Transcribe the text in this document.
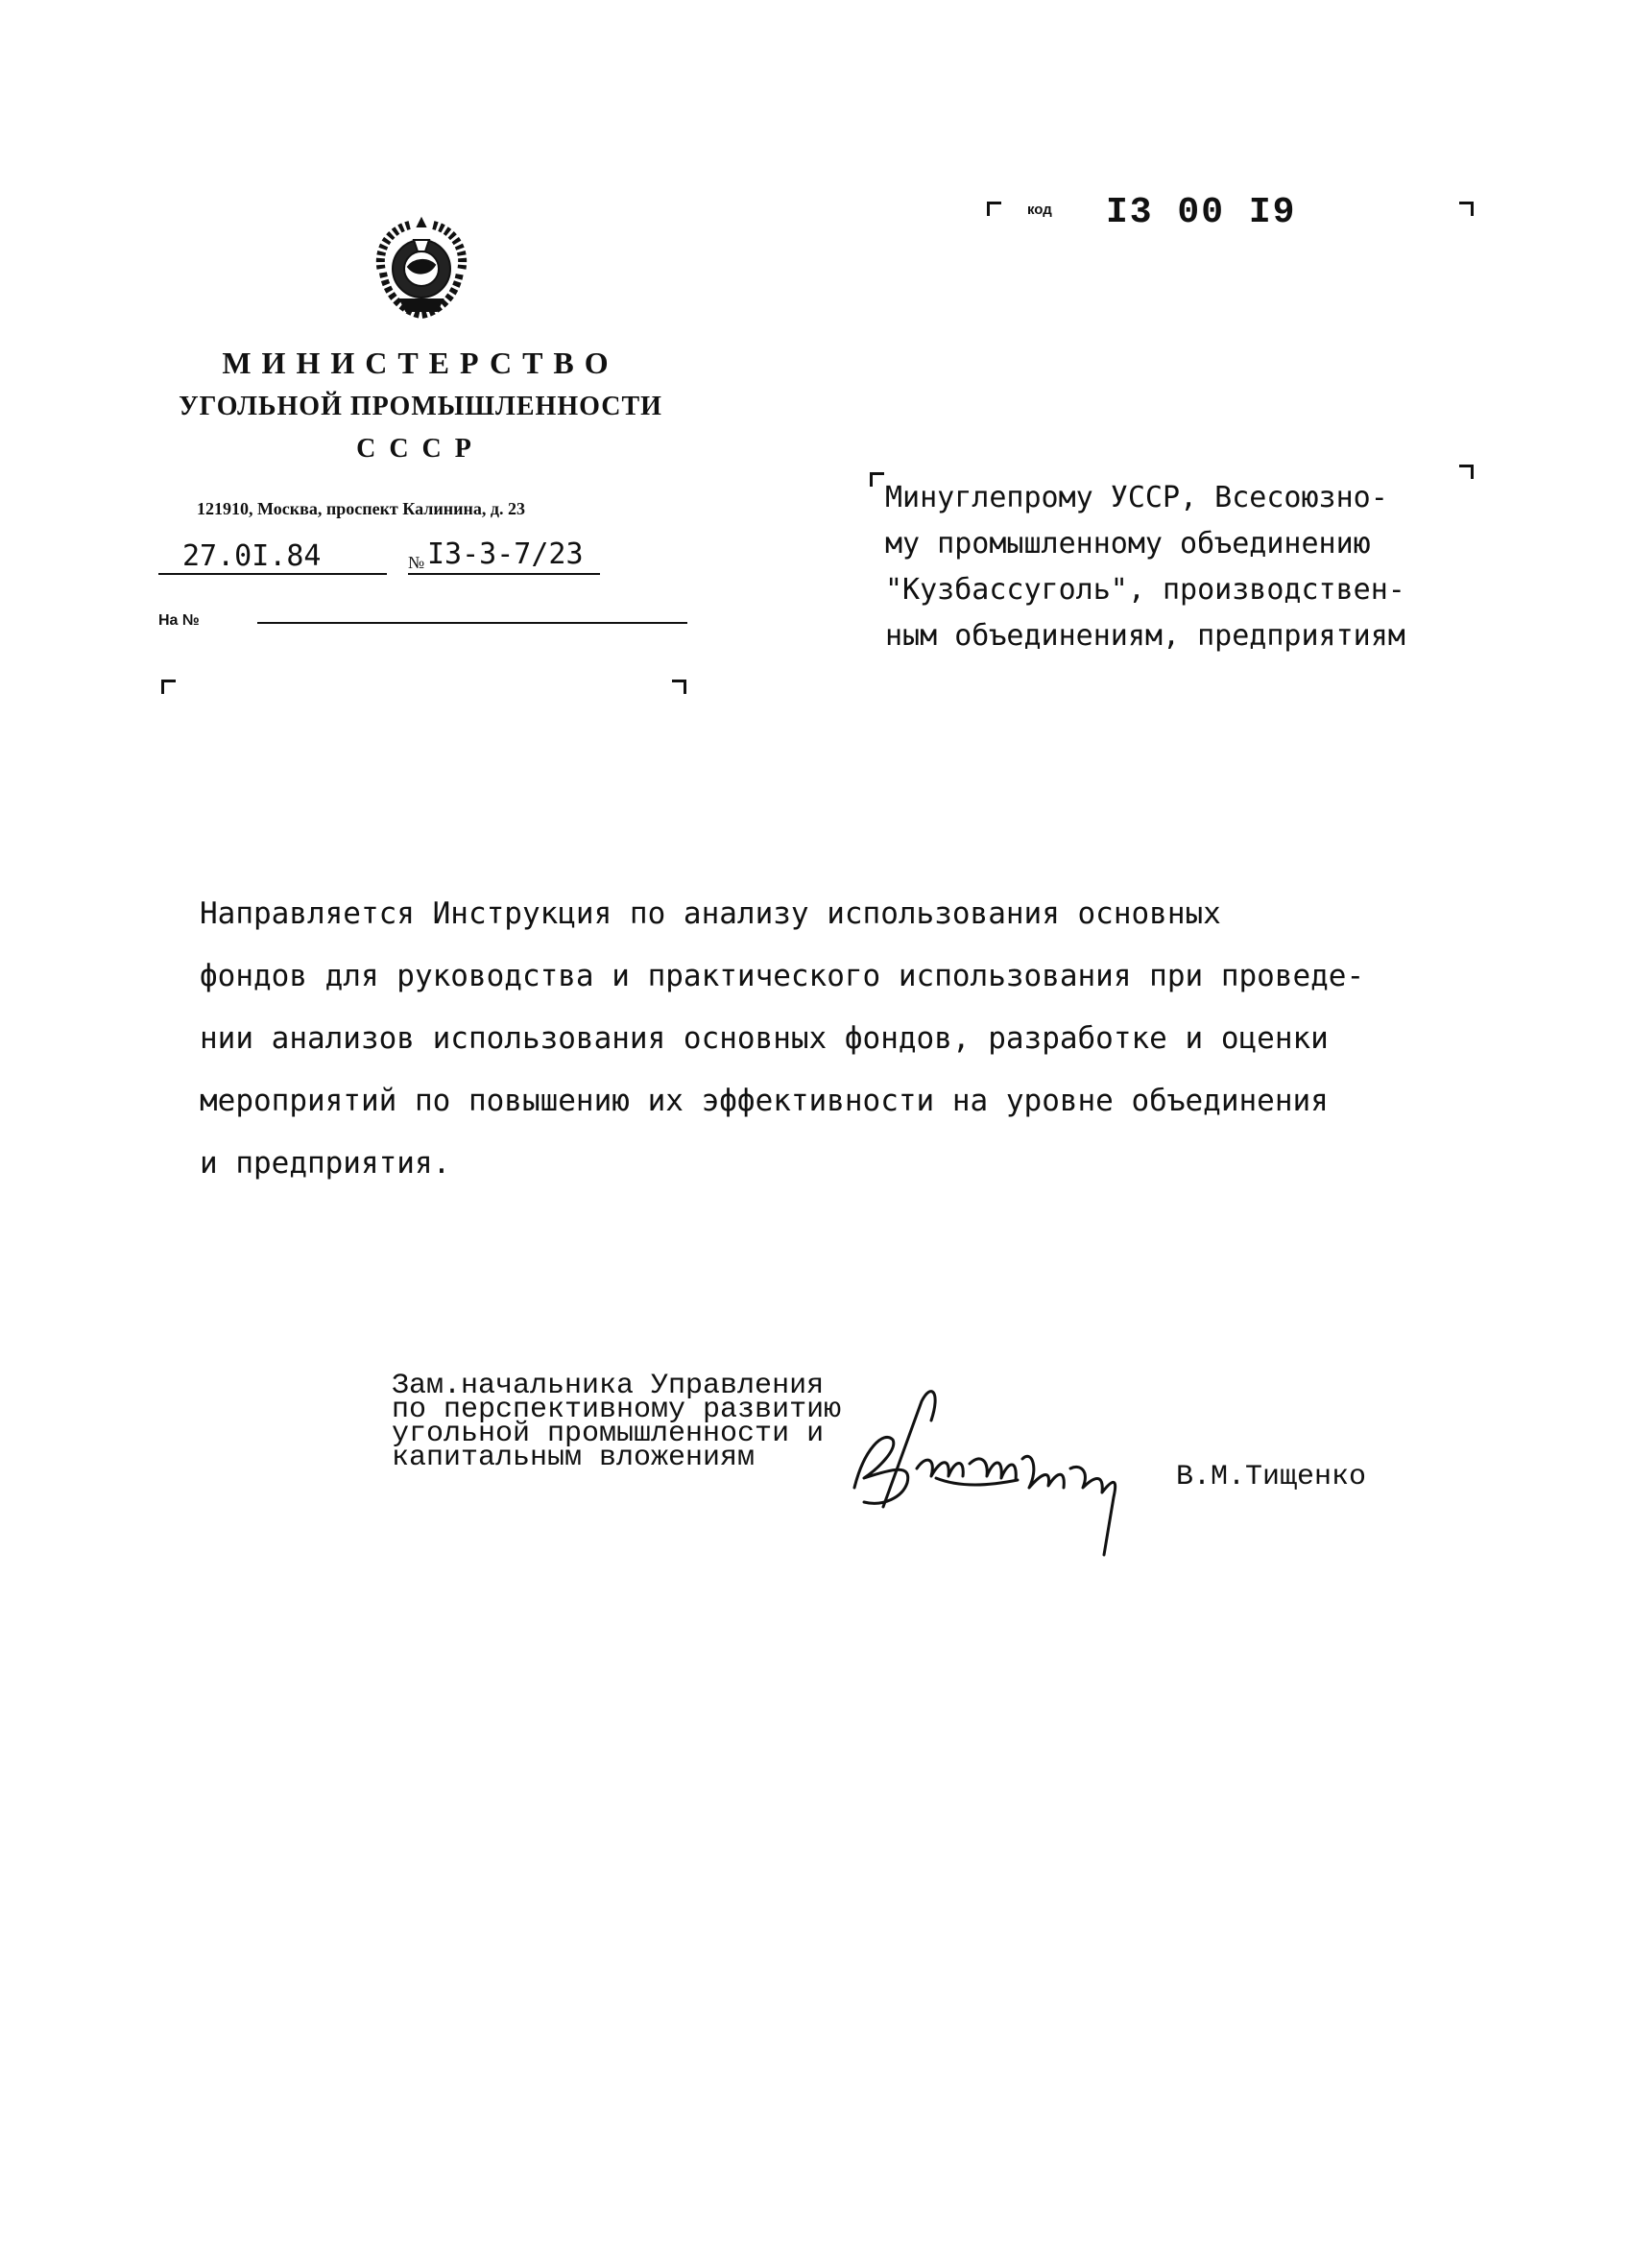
код I3 00 I9
МИНИСТЕРСТВО
УГОЛЬНОЙ ПРОМЫШЛЕННОСТИ
СССР
121910, Москва, проспект Калинина, д. 23
27.0I.84	№ I3-3-7/23
На №
Минуглепрому УССР, Всесоюзно-
му промышленному объединению
"Кузбассуголь", производствен-
ным объединениям, предприятиям
Направляется Инструкция по анализу использования основных
фондов для руководства и практического использования при проведе-
нии анализов использования основных фондов, разработке и оценки
мероприятий по повышению их эффективности на уровне объединения
и предприятия.
Зам.начальника Управления
по перспективному развитию
угольной промышленности и
капитальным вложениям
В.М.Тищенко
